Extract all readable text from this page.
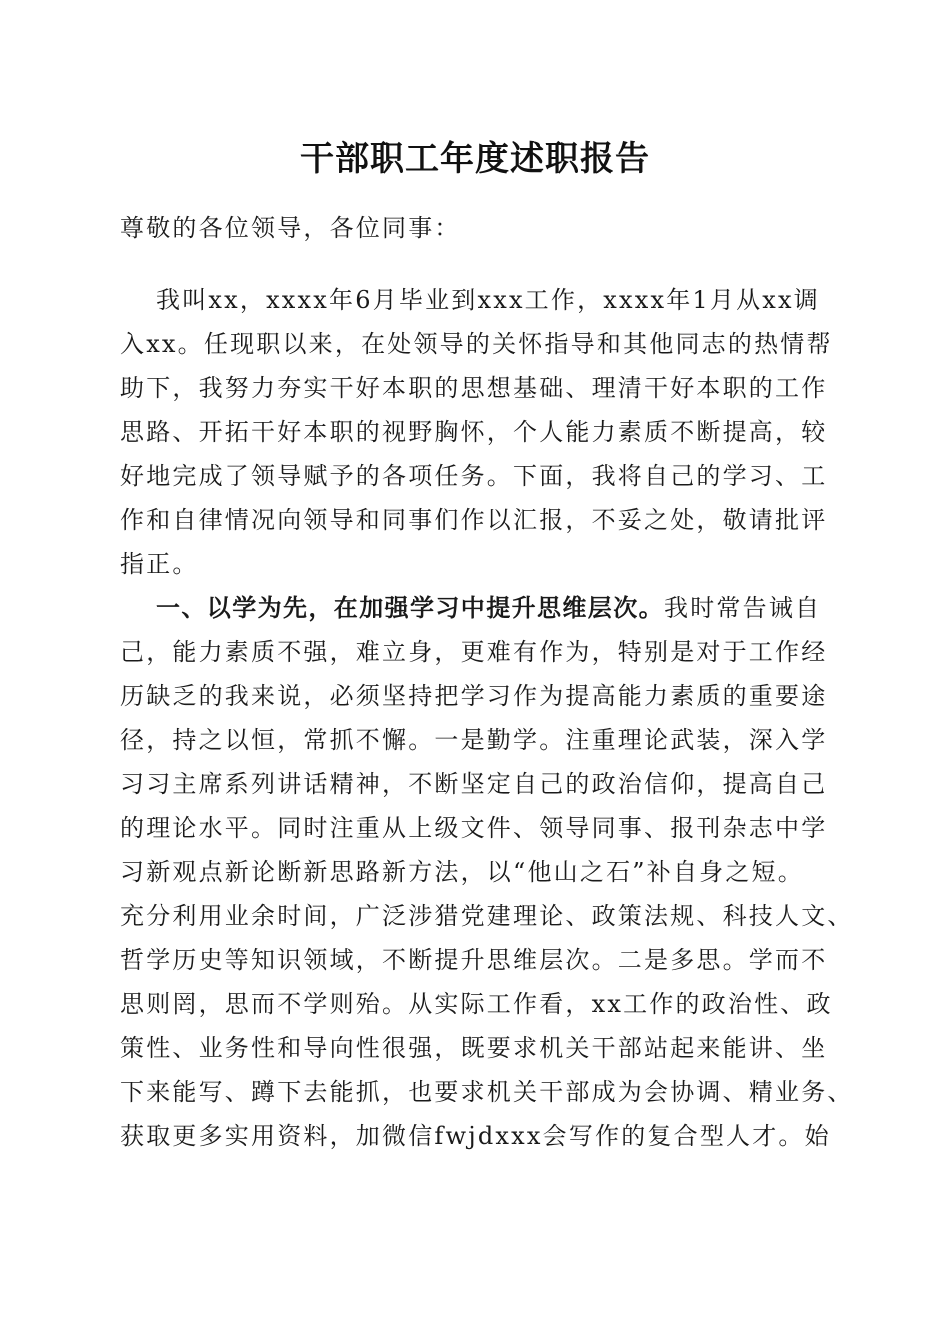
干部职工年度述职报告
尊敬的各位领导，各位同事：
我叫xx，xxxx年6月毕业到xxx工作，xxxx年1月从xx调
入xx。任现职以来，在处领导的关怀指导和其他同志的热情帮
助下，我努力夯实干好本职的思想基础、理清干好本职的工作
思路、开拓干好本职的视野胸怀，个人能力素质不断提高，较
好地完成了领导赋予的各项任务。下面，我将自己的学习、工
作和自律情况向领导和同事们作以汇报，不妥之处，敬请批评
指正。
一、以学为先，在加强学习中提升思维层次。我时常告诫自
己，能力素质不强，难立身，更难有作为，特别是对于工作经
历缺乏的我来说，必须坚持把学习作为提高能力素质的重要途
径，持之以恒，常抓不懈。一是勤学。注重理论武装，深入学
习习主席系列讲话精神，不断坚定自己的政治信仰，提高自己
的理论水平。同时注重从上级文件、领导同事、报刊杂志中学
习新观点新论断新思路新方法，以“他山之石”补自身之短。
充分利用业余时间，广泛涉猎党建理论、政策法规、科技人文、
哲学历史等知识领域，不断提升思维层次。二是多思。学而不
思则罔，思而不学则殆。从实际工作看，xx工作的政治性、政
策性、业务性和导向性很强，既要求机关干部站起来能讲、坐
下来能写、蹲下去能抓，也要求机关干部成为会协调、精业务、
获取更多实用资料，加微信fwjdxxx会写作的复合型人才。始
